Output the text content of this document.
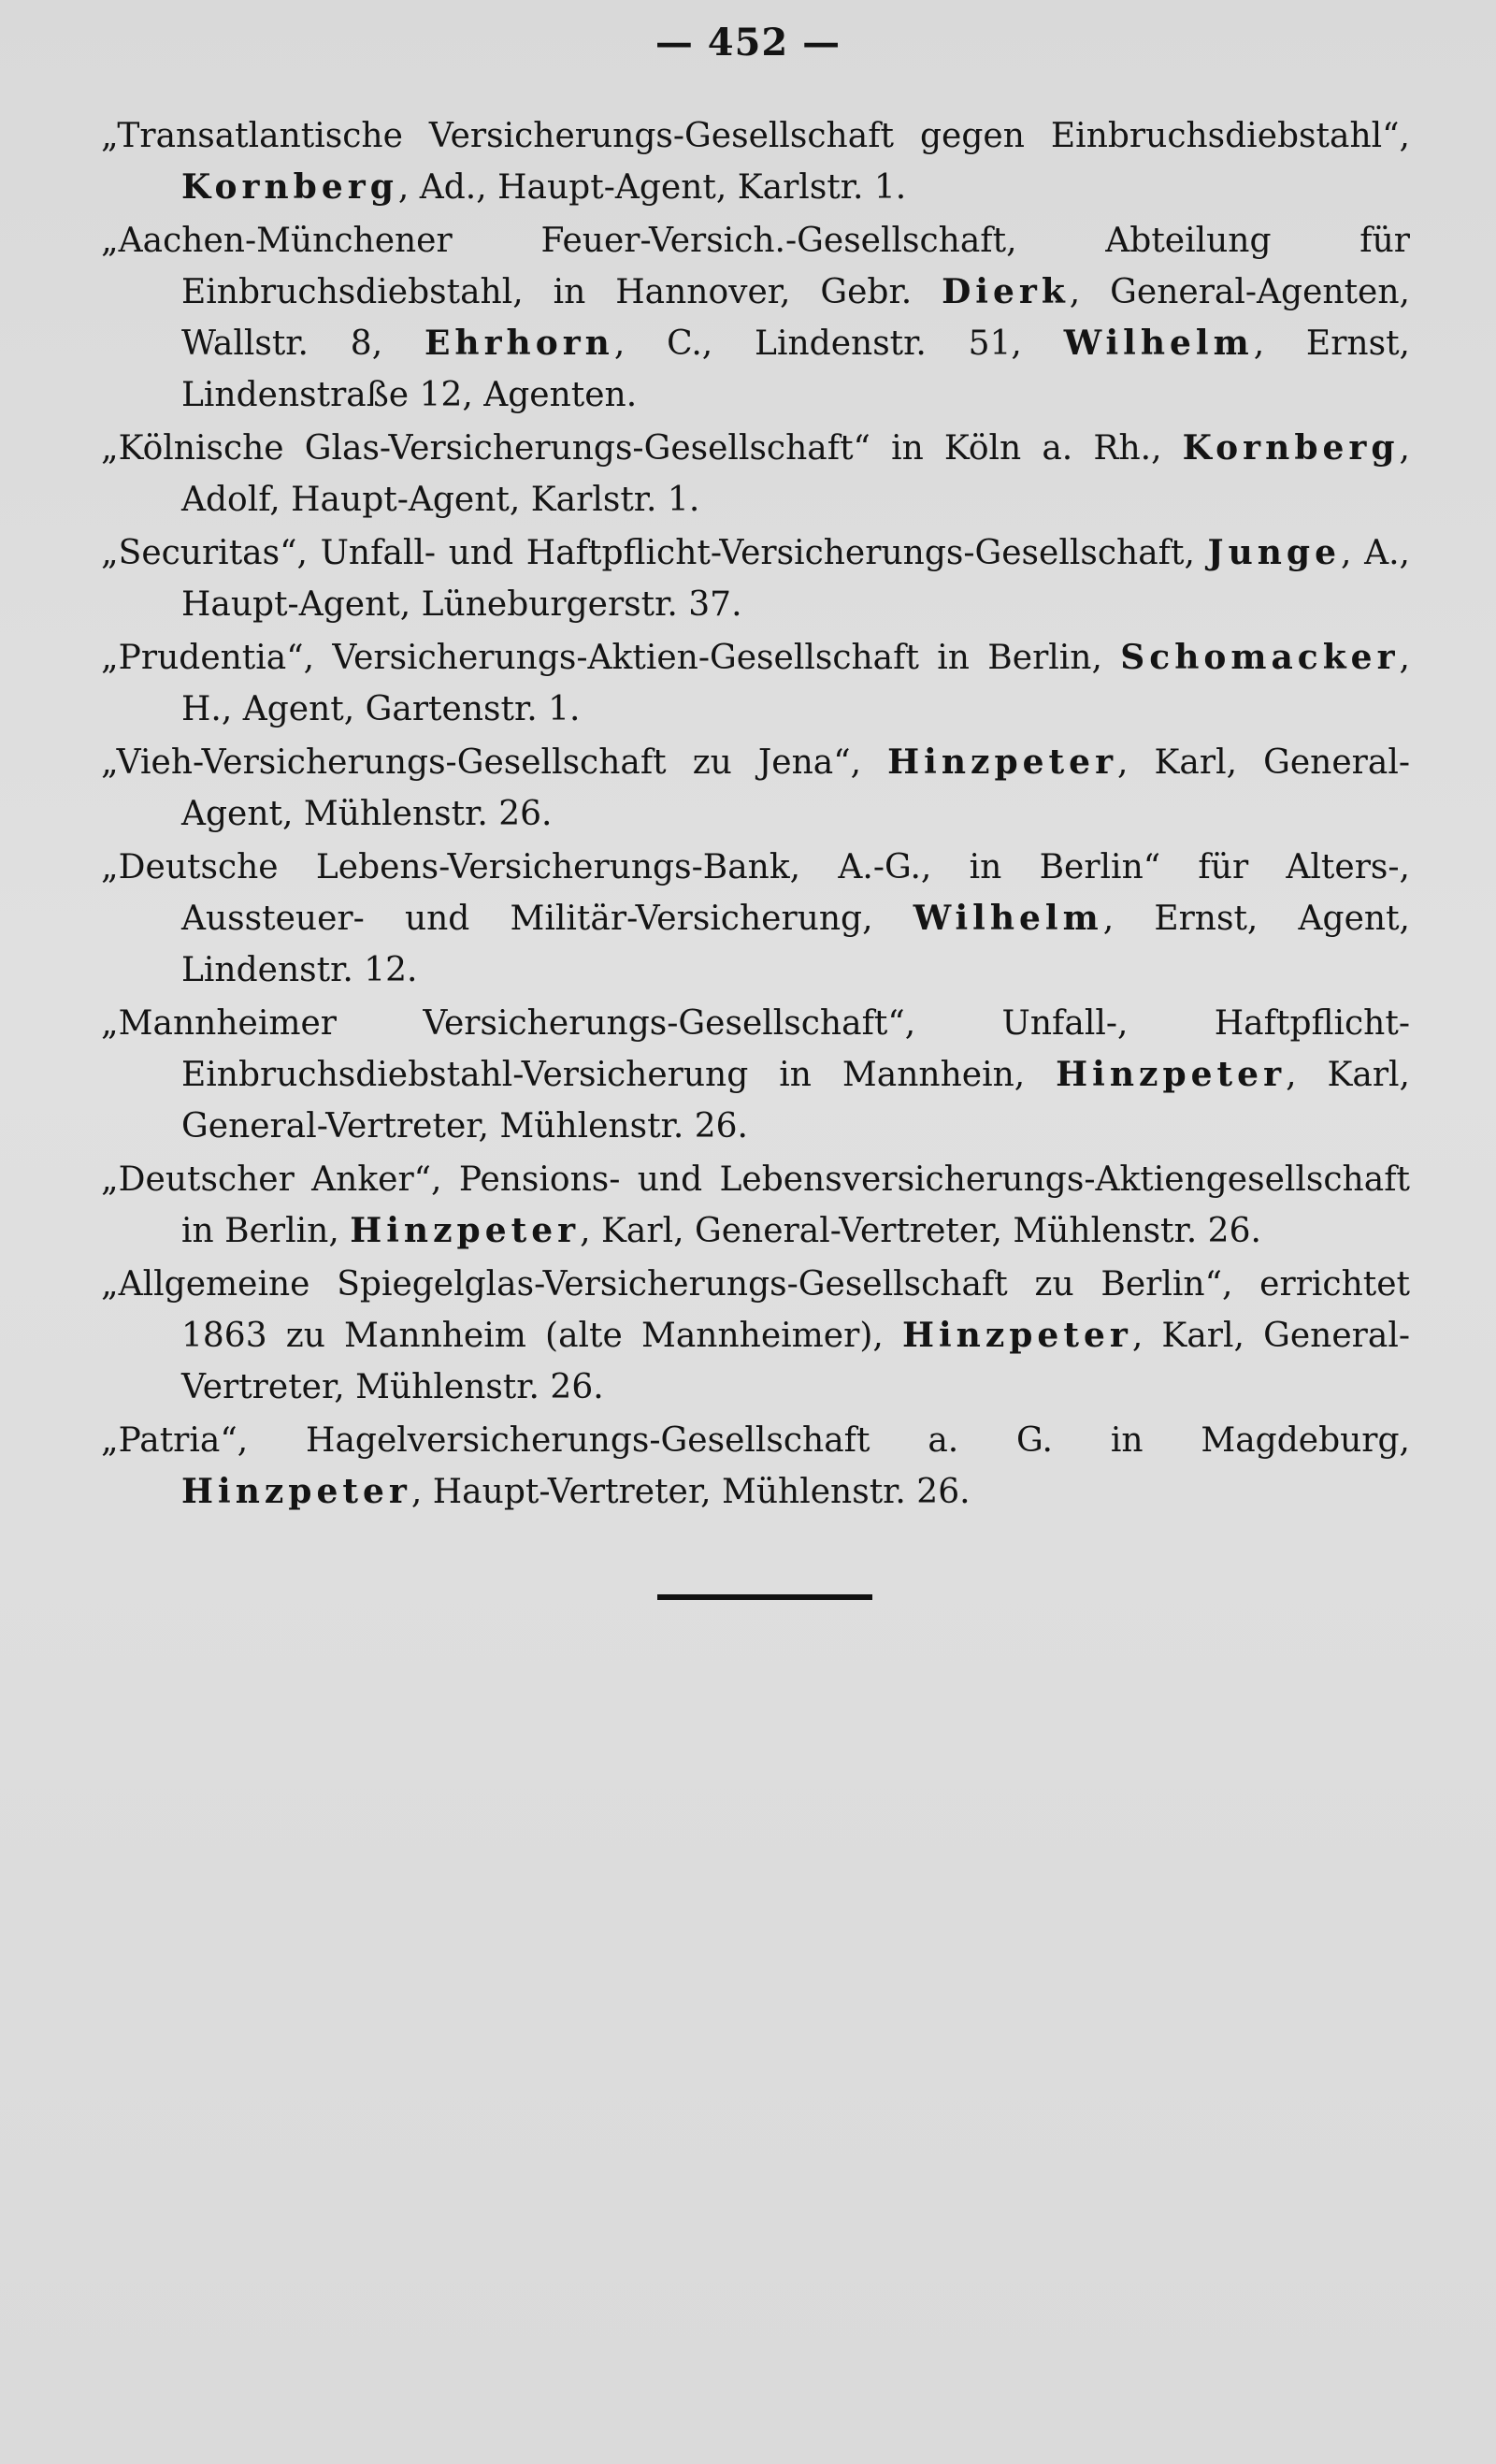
— 452 —

„Transatlantische Versicherungs-Gesellschaft gegen Einbruchsdiebstahl“, Kornberg, Ad., Haupt-Agent, Karlstr. 1.

„Aachen-Münchener Feuer-Versich.-Gesellschaft, Abteilung für Einbruchsdiebstahl, in Hannover, Gebr. Dierk, General-Agenten, Wallstr. 8, Ehrhorn, C., Lindenstr. 51, Wilhelm, Ernst, Lindenstraße 12, Agenten.

„Kölnische Glas-Versicherungs-Gesellschaft“ in Köln a. Rh., Kornberg, Adolf, Haupt-Agent, Karlstr. 1.

„Securitas“, Unfall- und Haftpflicht-Versicherungs-Gesellschaft, Junge, A., Haupt-Agent, Lüneburgerstr. 37.

„Prudentia“, Versicherungs-Aktien-Gesellschaft in Berlin, Schomacker, H., Agent, Gartenstr. 1.

„Vieh-Versicherungs-Gesellschaft zu Jena“, Hinzpeter, Karl, General-Agent, Mühlenstr. 26.

„Deutsche Lebens-Versicherungs-Bank, A.-G., in Berlin“ für Alters-, Aussteuer- und Militär-Versicherung, Wilhelm, Ernst, Agent, Lindenstr. 12.

„Mannheimer Versicherungs-Gesellschaft“, Unfall-, Haftpflicht- Einbruchsdiebstahl-Versicherung in Mannhein, Hinzpeter, Karl, General-Vertreter, Mühlenstr. 26.

„Deutscher Anker“, Pensions- und Lebensversicherungs-Aktiengesellschaft in Berlin, Hinzpeter, Karl, General-Vertreter, Mühlenstr. 26.

„Allgemeine Spiegelglas-Versicherungs-Gesellschaft zu Berlin“, errichtet 1863 zu Mannheim (alte Mannheimer), Hinzpeter, Karl, General-Vertreter, Mühlenstr. 26.

„Patria“, Hagelversicherungs-Gesellschaft a. G. in Magdeburg, Hinzpeter, Haupt-Vertreter, Mühlenstr. 26.
